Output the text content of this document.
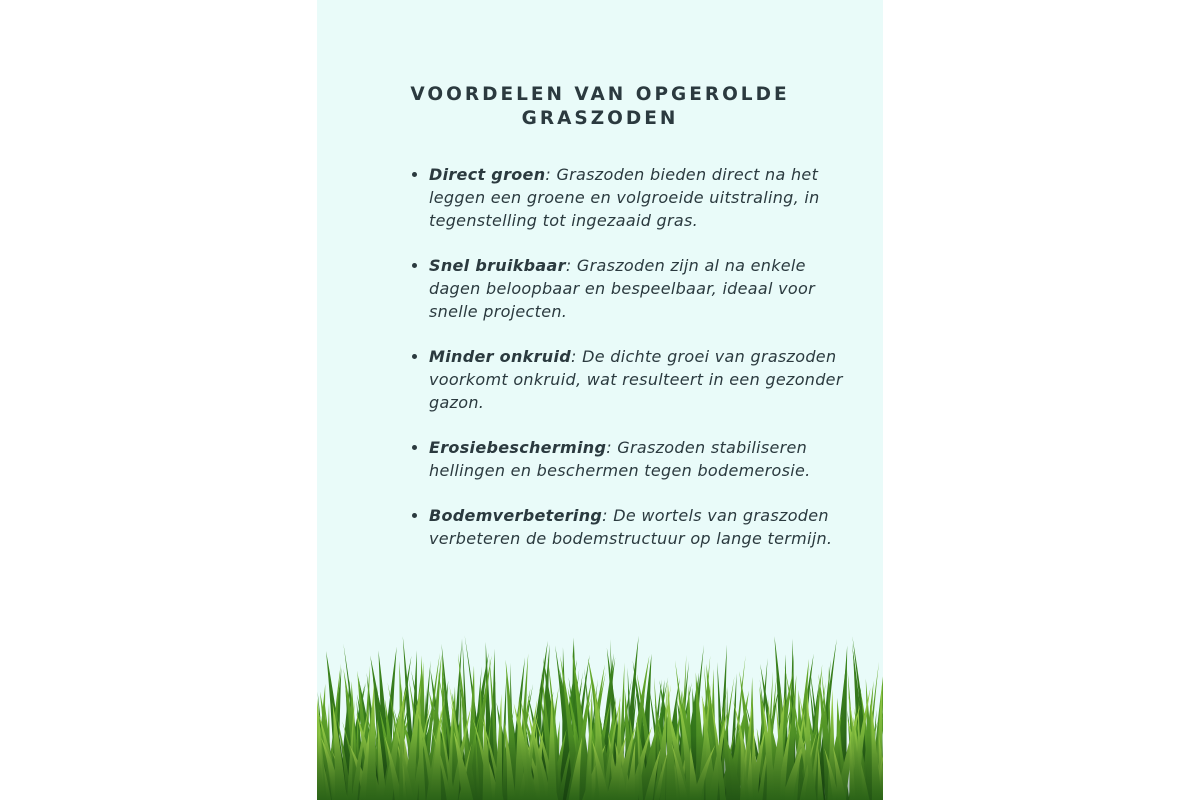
VOORDELEN VAN OPGEROLDE
GRASZODEN
Direct groen: Graszoden bieden direct na het leggen een groene en volgroeide uitstraling, in tegenstelling tot ingezaaid gras.
Snel bruikbaar: Graszoden zijn al na enkele dagen beloopbaar en bespeelbaar, ideaal voor snelle projecten.
Minder onkruid: De dichte groei van graszoden voorkomt onkruid, wat resulteert in een gezonder gazon.
Erosiebescherming: Graszoden stabiliseren hellingen en beschermen tegen bodemerosie.
Bodemverbetering: De wortels van graszoden verbeteren de bodemstructuur op lange termijn.
